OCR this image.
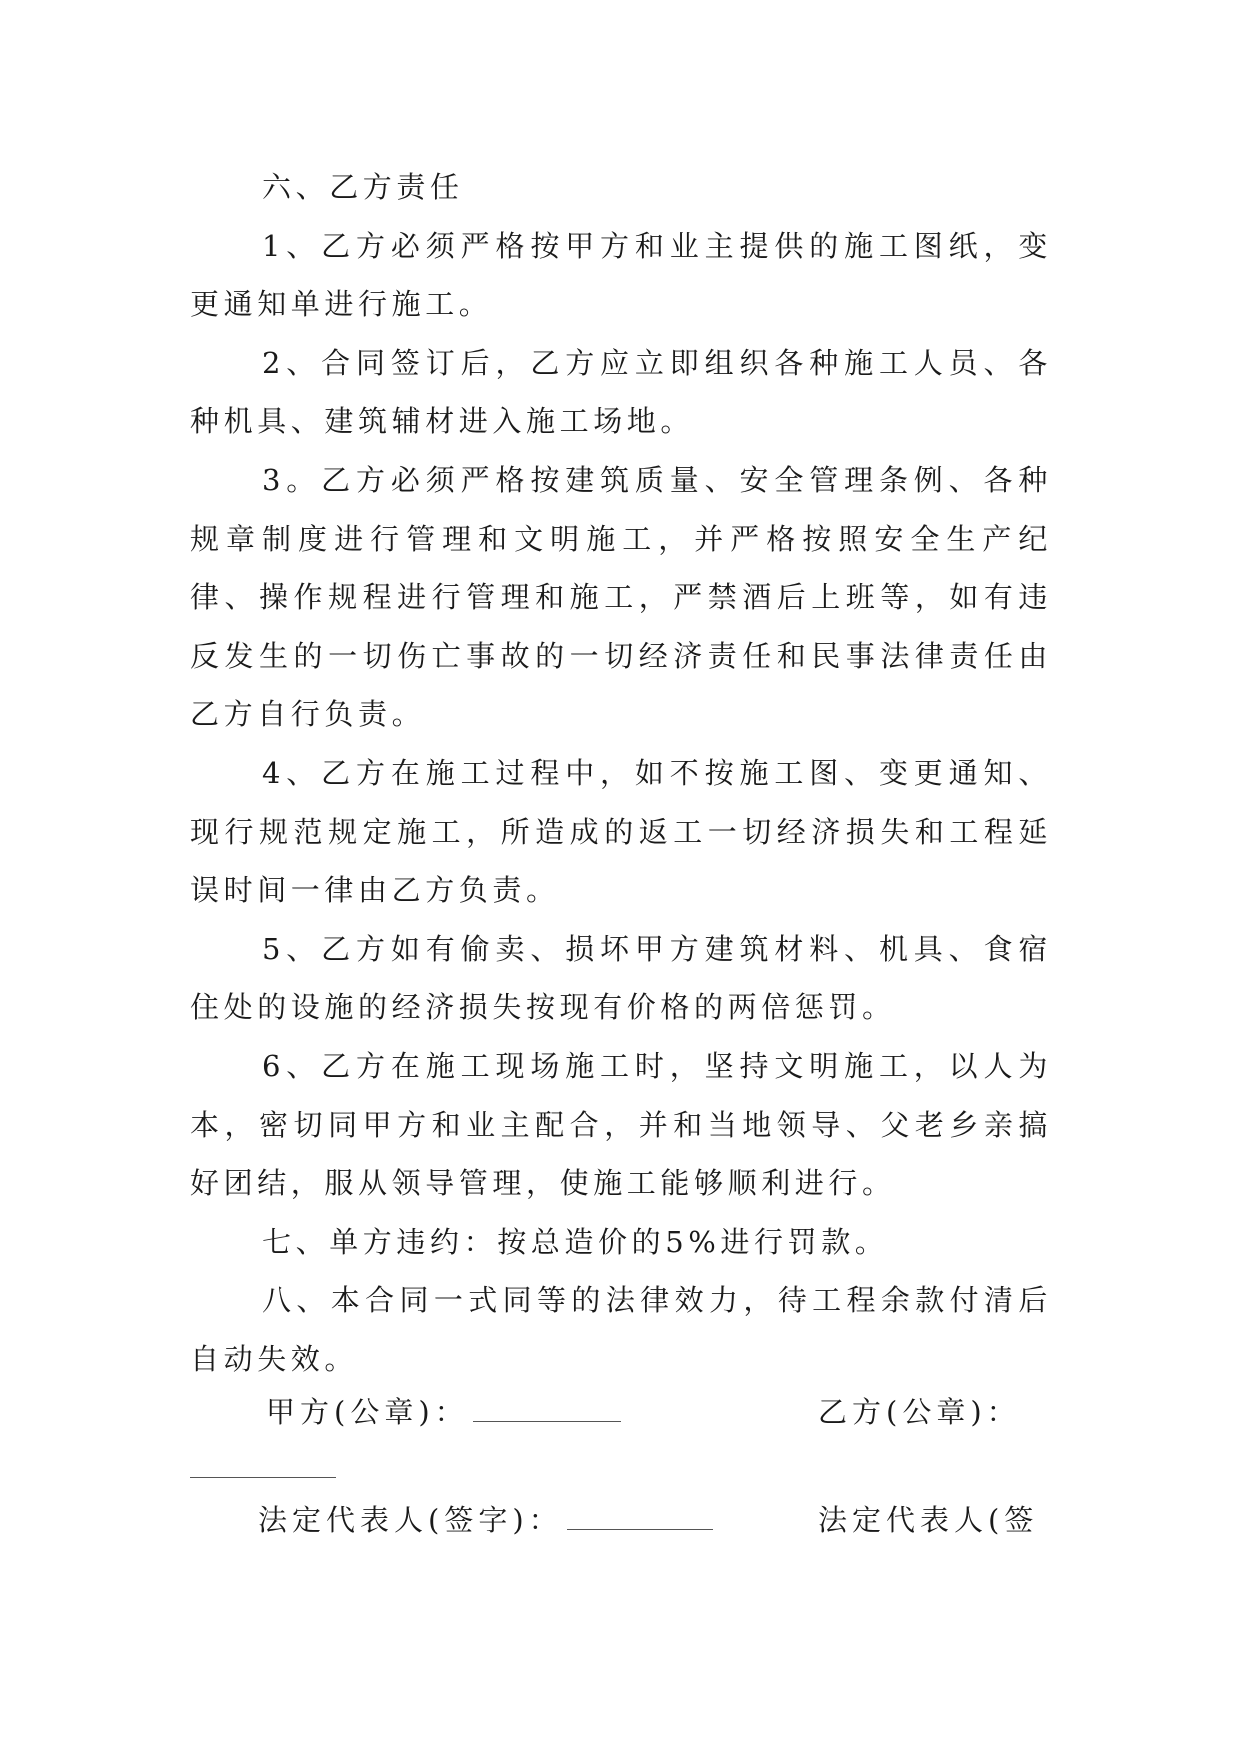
六、乙方责任

1、乙方必须严格按甲方和业主提供的施工图纸，变更通知单进行施工。

2、合同签订后，乙方应立即组织各种施工人员、各种机具、建筑辅材进入施工场地。

3。乙方必须严格按建筑质量、安全管理条例、各种规章制度进行管理和文明施工，并严格按照安全生产纪律、操作规程进行管理和施工，严禁酒后上班等，如有违反发生的一切伤亡事故的一切经济责任和民事法律责任由乙方自行负责。

4、乙方在施工过程中，如不按施工图、变更通知、现行规范规定施工，所造成的返工一切经济损失和工程延误时间一律由乙方负责。

5、乙方如有偷卖、损坏甲方建筑材料、机具、食宿住处的设施的经济损失按现有价格的两倍惩罚。

6、乙方在施工现场施工时，坚持文明施工，以人为本，密切同甲方和业主配合，并和当地领导、父老乡亲搞好团结，服从领导管理，使施工能够顺利进行。

七、单方违约：按总造价的5%进行罚款。

八、本合同一式同等的法律效力，待工程余款付清后自动失效。

甲方(公章)：	乙方(公章)：
法定代表人(签字)：	法定代表人(签
